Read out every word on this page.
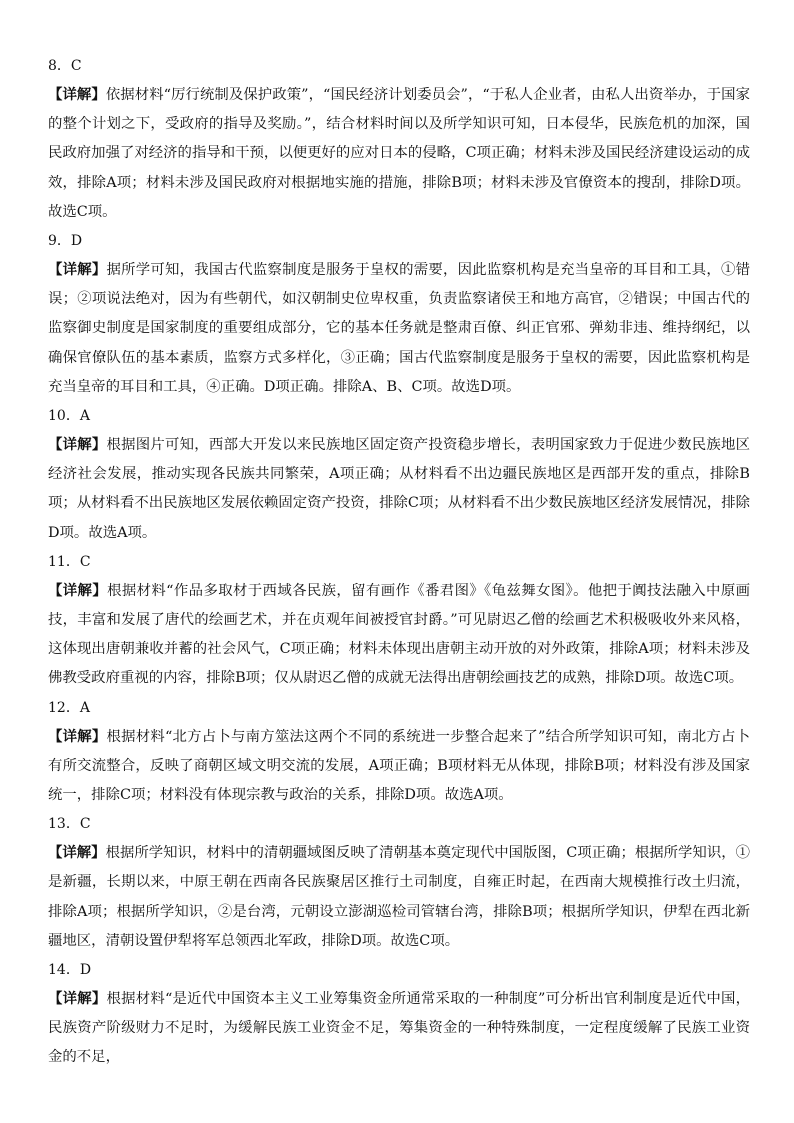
8．C

【详解】依据材料“厉行统制及保护政策”，“国民经济计划委员会”，“于私人企业者，由私人出资举办，于国家的整个计划之下，受政府的指导及奖励。”，结合材料时间以及所学知识可知，日本侵华，民族危机的加深，国民政府加强了对经济的指导和干预，以便更好的应对日本的侵略，C项正确；材料未涉及国民经济建设运动的成效，排除A项；材料未涉及国民政府对根据地实施的措施，排除B项；材料未涉及官僚资本的搜刮，排除D项。故选C项。

9．D

【详解】据所学可知，我国古代监察制度是服务于皇权的需要，因此监察机构是充当皇帝的耳目和工具，①错误；②项说法绝对，因为有些朝代，如汉朝制史位卑权重，负责监察诸侯王和地方高官，②错误；中国古代的监察御史制度是国家制度的重要组成部分，它的基本任务就是整肃百僚、纠正官邪、弹劾非违、维持纲纪，以确保官僚队伍的基本素质，监察方式多样化，③正确；国古代监察制度是服务于皇权的需要，因此监察机构是充当皇帝的耳目和工具，④正确。D项正确。排除A、B、C项。故选D项。

10．A

【详解】根据图片可知，西部大开发以来民族地区固定资产投资稳步增长，表明国家致力于促进少数民族地区经济社会发展，推动实现各民族共同繁荣，A项正确；从材料看不出边疆民族地区是西部开发的重点，排除B项；从材料看不出民族地区发展依赖固定资产投资，排除C项；从材料看不出少数民族地区经济发展情况，排除D项。故选A项。

11．C

【详解】根据材料“作品多取材于西域各民族，留有画作《番君图》《龟兹舞女图》。他把于阗技法融入中原画技，丰富和发展了唐代的绘画艺术，并在贞观年间被授官封爵。”可见尉迟乙僧的绘画艺术积极吸收外来风格，这体现出唐朝兼收并蓄的社会风气，C项正确；材料未体现出唐朝主动开放的对外政策，排除A项；材料未涉及佛教受政府重视的内容，排除B项；仅从尉迟乙僧的成就无法得出唐朝绘画技艺的成熟，排除D项。故选C项。

12．A

【详解】根据材料“北方占卜与南方筮法这两个不同的系统进一步整合起来了”结合所学知识可知，南北方占卜有所交流整合，反映了商朝区域文明交流的发展，A项正确；B项材料无从体现，排除B项；材料没有涉及国家统一，排除C项；材料没有体现宗教与政治的关系，排除D项。故选A项。

13．C

【详解】根据所学知识，材料中的清朝疆域图反映了清朝基本奠定现代中国版图，C项正确；根据所学知识，①是新疆，长期以来，中原王朝在西南各民族聚居区推行土司制度，自雍正时起，在西南大规模推行改土归流，排除A项；根据所学知识，②是台湾，元朝设立澎湖巡检司管辖台湾，排除B项；根据所学知识，伊犁在西北新疆地区，清朝设置伊犁将军总领西北军政，排除D项。故选C项。

14．D

【详解】根据材料“是近代中国资本主义工业筹集资金所通常采取的一种制度”可分析出官利制度是近代中国，民族资产阶级财力不足时，为缓解民族工业资金不足，筹集资金的一种特殊制度，一定程度缓解了民族工业资金的不足，
